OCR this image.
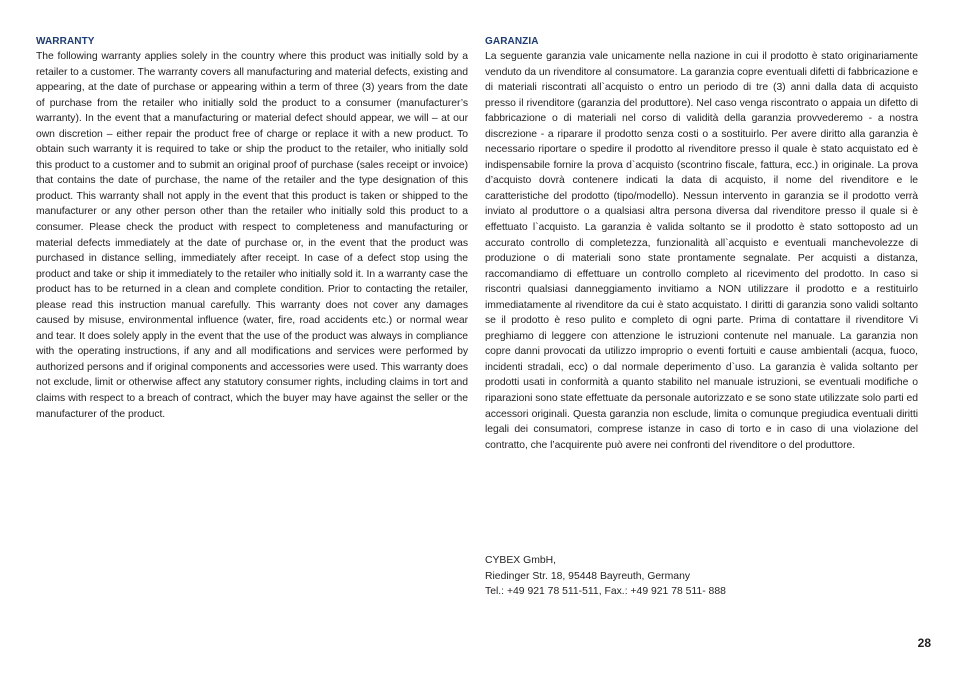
WARRANTY
The following warranty applies solely in the country where this product was initially sold by a retailer to a customer. The warranty covers all manufacturing and material defects, existing and appearing, at the date of purchase or appearing within a term of three (3) years from the date of purchase from the retailer who initially sold the product to a consumer (manufacturer’s warranty). In the event that a manufacturing or material defect should appear, we will – at our own discretion – either repair the product free of charge or replace it with a new product. To obtain such warranty it is required to take or ship the product to the retailer, who initially sold this product to a customer and to submit an original proof of purchase (sales receipt or invoice) that contains the date of purchase, the name of the retailer and the type designation of this product. This warranty shall not apply in the event that this product is taken or shipped to the manufacturer or any other person other than the retailer who initially sold this product to a consumer. Please check the product with respect to completeness and manufacturing or material defects immediately at the date of purchase or, in the event that the product was purchased in distance selling, immediately after receipt. In case of a defect stop using the product and take or ship it immediately to the retailer who initially sold it. In a warranty case the product has to be returned in a clean and complete condition. Prior to contacting the retailer, please read this instruction manual carefully. This warranty does not cover any damages caused by misuse, environmental influence (water, fire, road accidents etc.) or normal wear and tear. It does solely apply in the event that the use of the product was always in compliance with the operating instructions, if any and all modifications and services were performed by authorized persons and if original components and accessories were used. This warranty does not exclude, limit or otherwise affect any statutory consumer rights, including claims in tort and claims with respect to a breach of contract, which the buyer may have against the seller or the manufacturer of the product.
GARANZIA
La seguente garanzia vale unicamente nella nazione in cui il prodotto è stato originariamente venduto da un rivenditore al consumatore. La garanzia copre eventuali difetti di fabbricazione e di materiali riscontrati all`acquisto o entro un periodo di tre (3) anni dalla data di acquisto presso il rivenditore (garanzia del produttore). Nel caso venga riscontrato o appaia un difetto di fabbricazione o di materiali nel corso di validità della garanzia provvederemo - a nostra discrezione - a riparare il prodotto senza costi o a sostituirlo. Per avere diritto alla garanzia è necessario riportare o spedire il prodotto al rivenditore presso il quale è stato acquistato ed è indispensabile fornire la prova d`acquisto (scontrino fiscale, fattura, ecc.) in originale. La prova d’acquisto dovrà contenere indicati la data di acquisto, il nome del rivenditore e le caratteristiche del prodotto (tipo/modello). Nessun intervento in garanzia se il prodotto verrà inviato al produttore o a qualsiasi altra persona diversa dal rivenditore presso il quale si è effettuato l`acquisto. La garanzia è valida soltanto se il prodotto è stato sottoposto ad un accurato controllo di completezza, funzionalità all`acquisto e eventuali manchevolezze di produzione o di materiali sono state prontamente segnalate. Per acquisti a distanza, raccomandiamo di effettuare un controllo completo al ricevimento del prodotto. In caso si riscontri qualsiasi danneggiamento invitiamo a NON utilizzare il prodotto e a restituirlo immediatamente al rivenditore da cui è stato acquistato. I diritti di garanzia sono validi soltanto se il prodotto è reso pulito e completo di ogni parte. Prima di contattare il rivenditore Vi preghiamo di leggere con attenzione le istruzioni contenute nel manuale. La garanzia non copre danni provocati da utilizzo improprio o eventi fortuiti e cause ambientali (acqua, fuoco, incidenti stradali, ecc) o dal normale deperimento d`uso. La garanzia è valida soltanto per prodotti usati in conformità a quanto stabilito nel manuale istruzioni, se eventuali modifiche o riparazioni sono state effettuate da personale autorizzato e se sono state utilizzate solo parti ed accessori originali. Questa garanzia non esclude, limita o comunque pregiudica eventuali diritti legali dei consumatori, comprese istanze in caso di torto e in caso di una violazione del contratto, che l’acquirente può avere nei confronti del rivenditore o del produttore.
CYBEX GmbH,
Riedinger Str. 18, 95448 Bayreuth, Germany
Tel.: +49 921 78 511-511, Fax.: +49 921 78 511- 888
28
